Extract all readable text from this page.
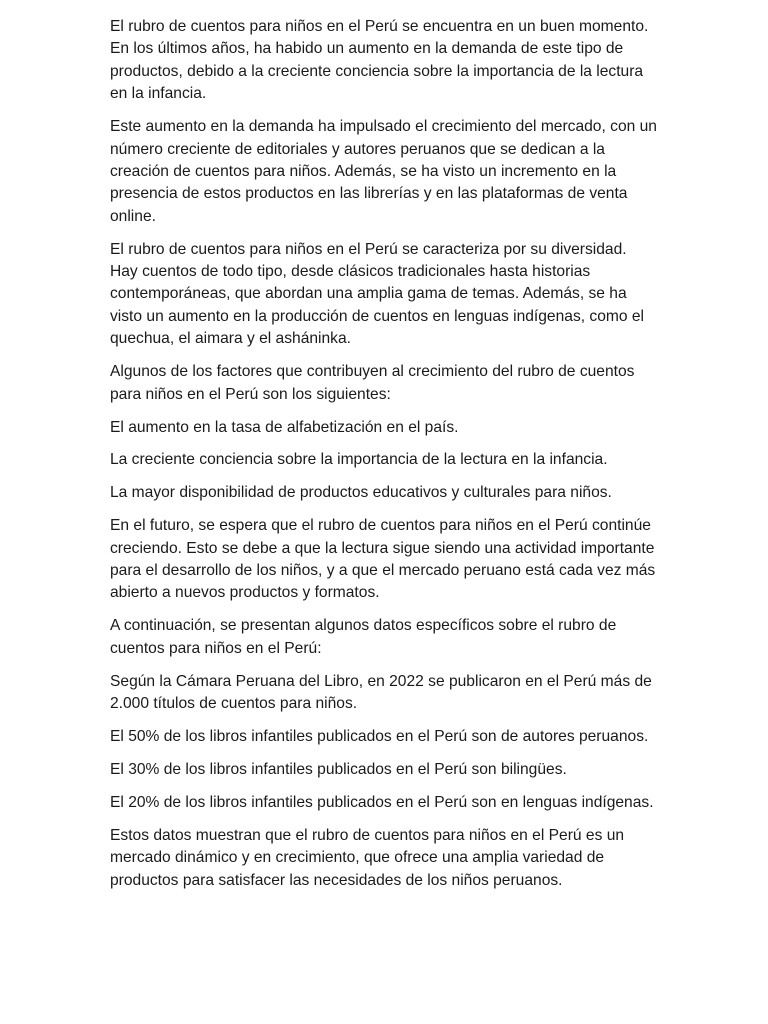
El rubro de cuentos para niños en el Perú se encuentra en un buen momento. En los últimos años, ha habido un aumento en la demanda de este tipo de productos, debido a la creciente conciencia sobre la importancia de la lectura en la infancia.

Este aumento en la demanda ha impulsado el crecimiento del mercado, con un número creciente de editoriales y autores peruanos que se dedican a la creación de cuentos para niños. Además, se ha visto un incremento en la presencia de estos productos en las librerías y en las plataformas de venta online.

El rubro de cuentos para niños en el Perú se caracteriza por su diversidad. Hay cuentos de todo tipo, desde clásicos tradicionales hasta historias contemporáneas, que abordan una amplia gama de temas. Además, se ha visto un aumento en la producción de cuentos en lenguas indígenas, como el quechua, el aimara y el asháninka.

Algunos de los factores que contribuyen al crecimiento del rubro de cuentos para niños en el Perú son los siguientes:

El aumento en la tasa de alfabetización en el país.

La creciente conciencia sobre la importancia de la lectura en la infancia.

La mayor disponibilidad de productos educativos y culturales para niños.

En el futuro, se espera que el rubro de cuentos para niños en el Perú continúe creciendo. Esto se debe a que la lectura sigue siendo una actividad importante para el desarrollo de los niños, y a que el mercado peruano está cada vez más abierto a nuevos productos y formatos.

A continuación, se presentan algunos datos específicos sobre el rubro de cuentos para niños en el Perú:

Según la Cámara Peruana del Libro, en 2022 se publicaron en el Perú más de 2.000 títulos de cuentos para niños.

El 50% de los libros infantiles publicados en el Perú son de autores peruanos.

El 30% de los libros infantiles publicados en el Perú son bilingües.

El 20% de los libros infantiles publicados en el Perú son en lenguas indígenas.

Estos datos muestran que el rubro de cuentos para niños en el Perú es un mercado dinámico y en crecimiento, que ofrece una amplia variedad de productos para satisfacer las necesidades de los niños peruanos.
